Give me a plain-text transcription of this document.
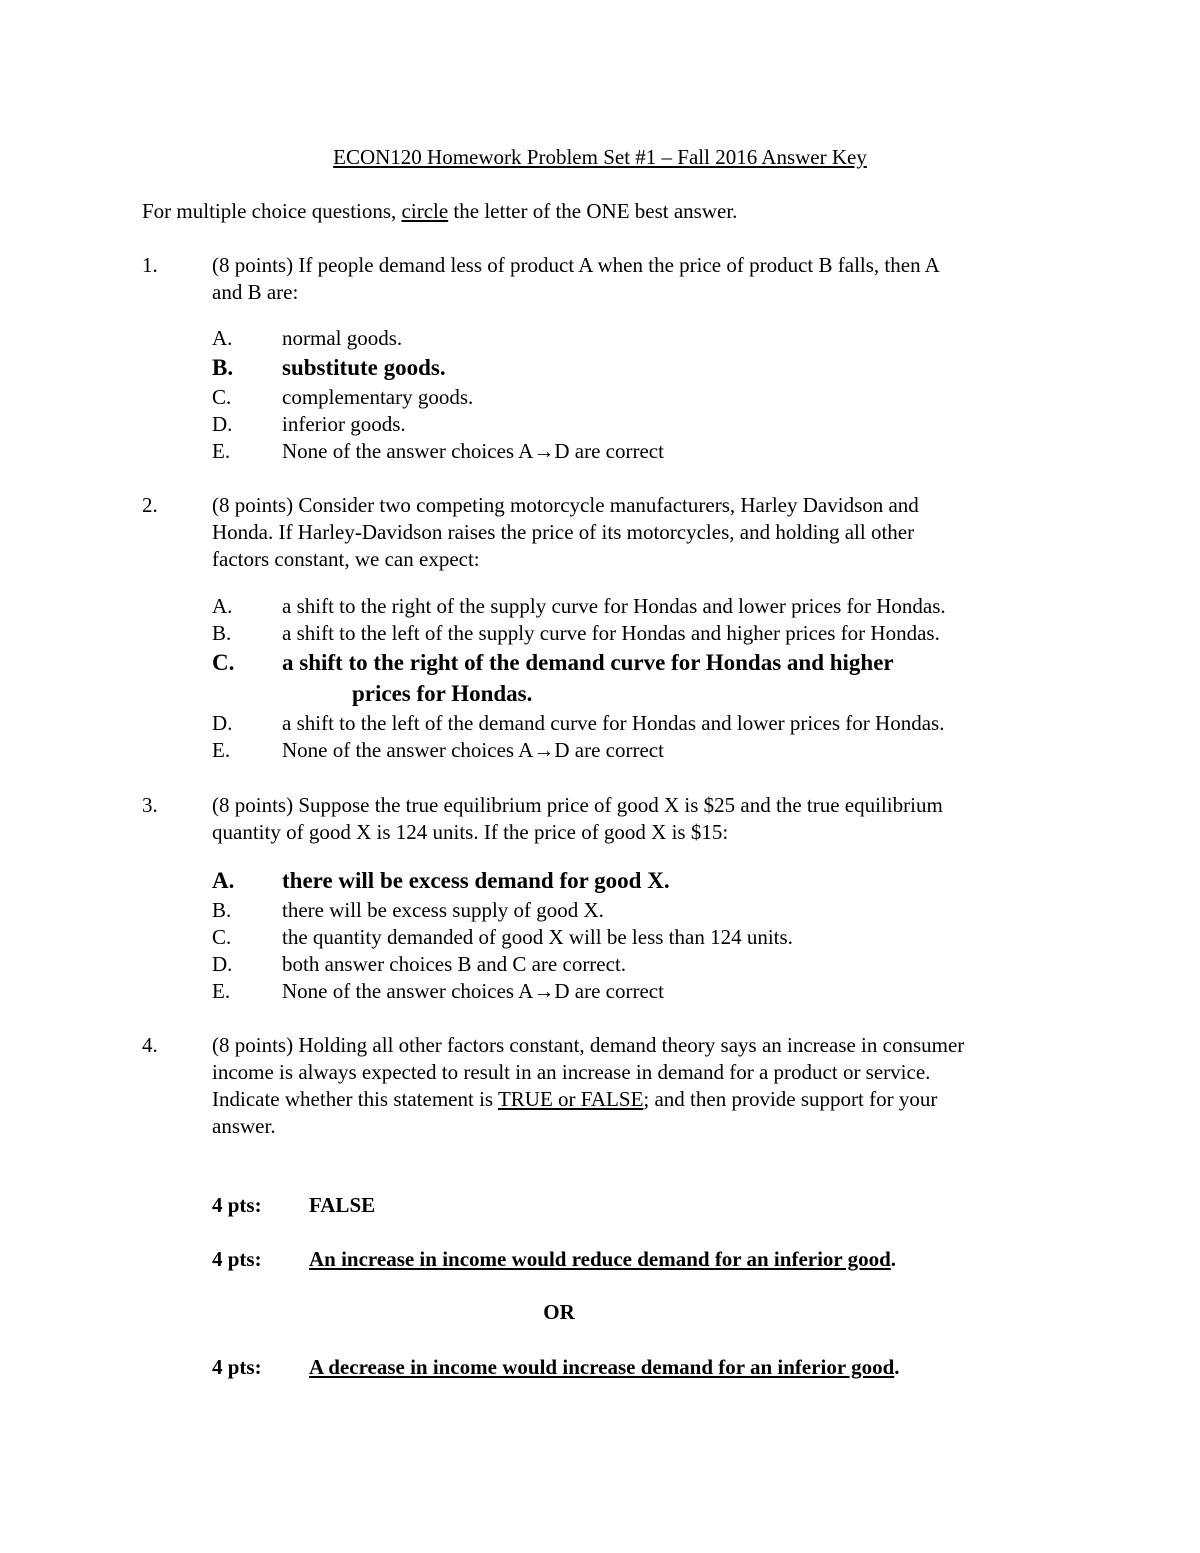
ECON120 Homework Problem Set #1 – Fall 2016 Answer Key
For multiple choice questions, circle the letter of the ONE best answer.
1.	(8 points) If people demand less of product A when the price of product B falls, then A
and B are:
A. normal goods.
B. substitute goods.
C. complementary goods.
D. inferior goods.
E. None of the answer choices A→D are correct
2.	(8 points) Consider two competing motorcycle manufacturers, Harley Davidson and
Honda. If Harley-Davidson raises the price of its motorcycles, and holding all other
factors constant, we can expect:
A. a shift to the right of the supply curve for Hondas and lower prices for Hondas.
B. a shift to the left of the supply curve for Hondas and higher prices for Hondas.
C. a shift to the right of the demand curve for Hondas and higher
prices for Hondas.
D. a shift to the left of the demand curve for Hondas and lower prices for Hondas.
E. None of the answer choices A→D are correct
3.	(8 points) Suppose the true equilibrium price of good X is $25 and the true equilibrium
quantity of good X is 124 units. If the price of good X is $15:
A. there will be excess demand for good X.
B. there will be excess supply of good X.
C. the quantity demanded of good X will be less than 124 units.
D. both answer choices B and C are correct.
E. None of the answer choices A→D are correct
4.	(8 points) Holding all other factors constant, demand theory says an increase in consumer
income is always expected to result in an increase in demand for a product or service.
Indicate whether this statement is TRUE or FALSE; and then provide support for your
answer.
4 pts: FALSE
4 pts: An increase in income would reduce demand for an inferior good.
OR
4 pts: A decrease in income would increase demand for an inferior good.
